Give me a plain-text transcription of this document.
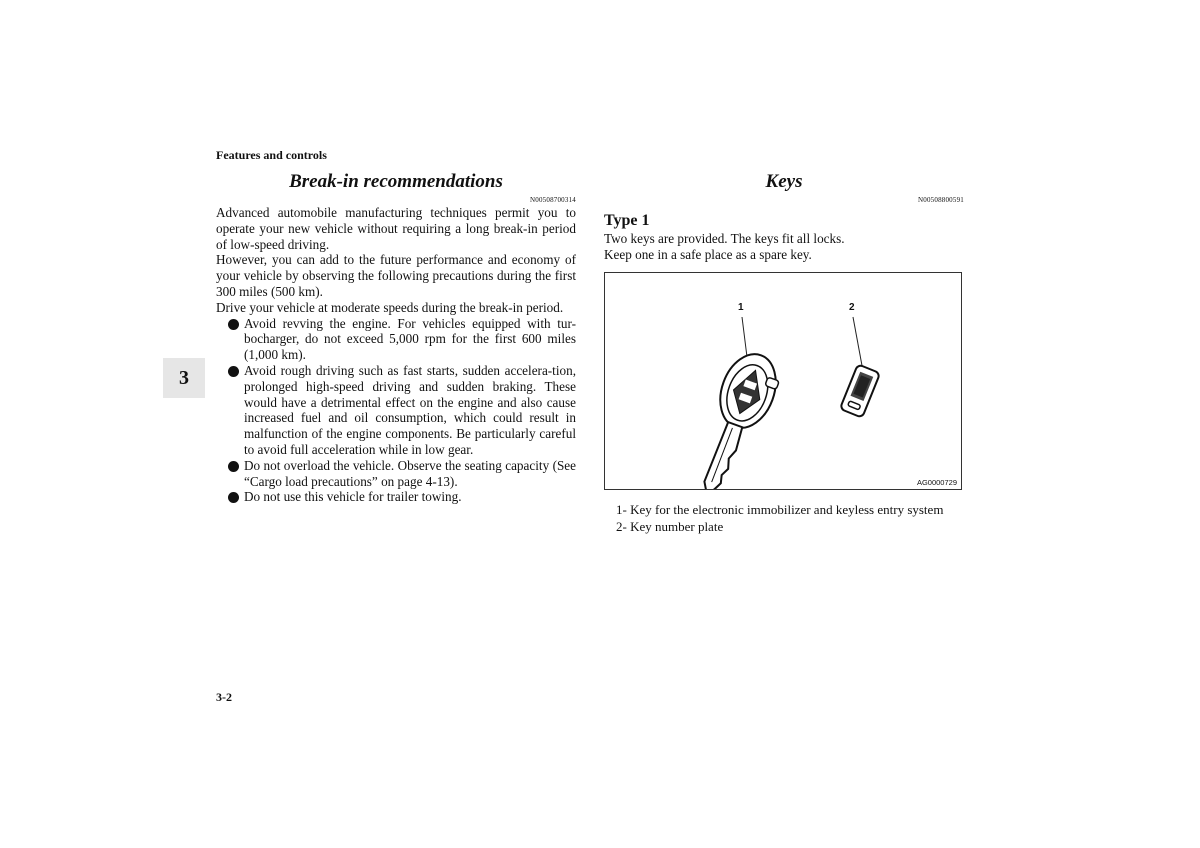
Features and controls
3
Break-in recommendations
N00508700314

Advanced automobile manufacturing techniques permit you to operate your new vehicle without requiring a long break-in period of low-speed driving.

However, you can add to the future performance and economy of your vehicle by observing the following precautions during the first 300 miles (500 km).

Drive your vehicle at moderate speeds during the break-in period.

Avoid revving the engine. For vehicles equipped with tur-bocharger, do not exceed 5,000 rpm for the first 600 miles (1,000 km).
Avoid rough driving such as fast starts, sudden accelera-tion, prolonged high-speed driving and sudden braking. These would have a detrimental effect on the engine and also cause increased fuel and oil consumption, which could result in malfunction of the engine components. Be particularly careful to avoid full acceleration while in low gear.
Do not overload the vehicle. Observe the seating capacity (See “Cargo load precautions” on page 4-13).
Do not use this vehicle for trailer towing.
Keys
N00508800591
Type 1

Two keys are provided. The keys fit all locks.

Keep one in a safe place as a spare key.

1	2
AG0000729
1- Key for the electronic immobilizer and keyless entry system
2- Key number plate
3-2
